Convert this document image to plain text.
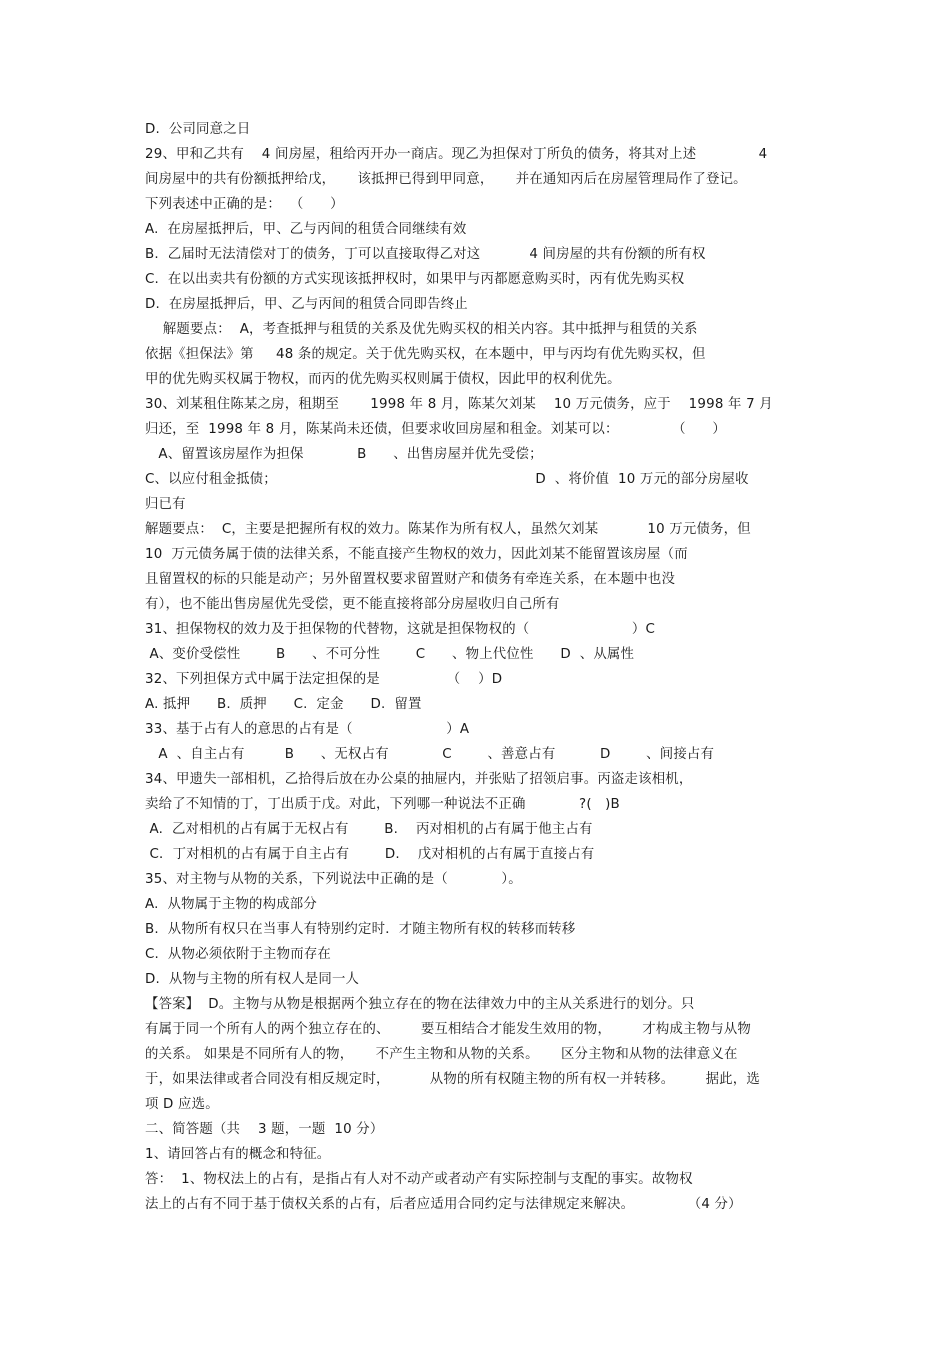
D.  公司同意之日
29、甲和乙共有    4 间房屋，租给丙开办一商店。现乙为担保对丁所负的债务，将其对上述              4
间房屋中的共有份额抵押给戊，     该抵押已得到甲同意，     并在通知丙后在房屋管理局作了登记。
下列表述中正确的是：  （      ）
A.  在房屋抵押后，甲、乙与丙间的租赁合同继续有效
B.  乙届时无法清偿对丁的债务，丁可以直接取得乙对这           4 间房屋的共有份额的所有权
C.  在以出卖共有份额的方式实现该抵押权时，如果甲与丙都愿意购买时，丙有优先购买权
D.  在房屋抵押后，甲、乙与丙间的租赁合同即告终止
解题要点：  A，考查抵押与租赁的关系及优先购买权的相关内容。其中抵押与租赁的关系
依据《担保法》第     48 条的规定。关于优先购买权，在本题中，甲与丙均有优先购买权，但
甲的优先购买权属于物权，而丙的优先购买权则属于债权，因此甲的权利优先。
30、刘某租住陈某之房，租期至       1998 年 8 月，陈某欠刘某    10 万元债务，应于    1998 年 7 月
归还，至  1998 年 8 月，陈某尚未还债，但要求收回房屋和租金。刘某可以：            （      ）
A、留置该房屋作为担保            B      、出售房屋并优先受偿；
C、以应付租金抵债；                                                          D  、将价值  10 万元的部分房屋收
归已有
解题要点：  C，主要是把握所有权的效力。陈某作为所有权人，虽然欠刘某           10 万元债务，但
10  万元债务属于债的法律关系，不能直接产生物权的效力，因此刘某不能留置该房屋（而
且留置权的标的只能是动产；另外留置权要求留置财产和债务有牵连关系，在本题中也没
有），也不能出售房屋优先受偿，更不能直接将部分房屋收归自己所有
31、担保物权的效力及于担保物的代替物，这就是担保物权的（                       ）C
A、变价受偿性        B      、不可分性        C      、物上代位性      D  、从属性
32、下列担保方式中属于法定担保的是               （    ）D
A. 抵押      B.  质押      C.  定金      D.  留置
33、基于占有人的意思的占有是（                     ）A
A  、自主占有         B      、无权占有            C        、善意占有          D        、间接占有
34、甲遗失一部相机，乙拾得后放在办公桌的抽屉内，并张贴了招领启事。丙盗走该相机，
卖给了不知情的丁，丁出质于戊。对此，下列哪一种说法不正确            ?(   )B
A.  乙对相机的占有属于无权占有        B.    丙对相机的占有属于他主占有
C．丁对相机的占有属于自主占有        D.    戊对相机的占有属于直接占有
35、对主物与从物的关系，下列说法中正确的是（            ）。
A.  从物属于主物的构成部分
B.  从物所有权只在当事人有特别约定时．才随主物所有权的转移而转移
C.  从物必须依附于主物而存在
D.  从物与主物的所有权人是同一人
【答案】  D。主物与从物是根据两个独立存在的物在法律效力中的主从关系进行的划分。只
有属于同一个所有人的两个独立存在的、       要互相结合才能发生效用的物，       才构成主物与从物
的关系。 如果是不同所有人的物，     不产生主物和从物的关系。     区分主物和从物的法律意义在
于，如果法律或者合同没有相反规定时，         从物的所有权随主物的所有权一并转移。       据此，选
项 D 应选。
二、简答题（共    3 题，一题  10 分）
1、请回答占有的概念和特征。
答：  1、物权法上的占有，是指占有人对不动产或者动产有实际控制与支配的事实。故物权
法上的占有不同于基于债权关系的占有，后者应适用合同约定与法律规定来解决。            （4 分）
